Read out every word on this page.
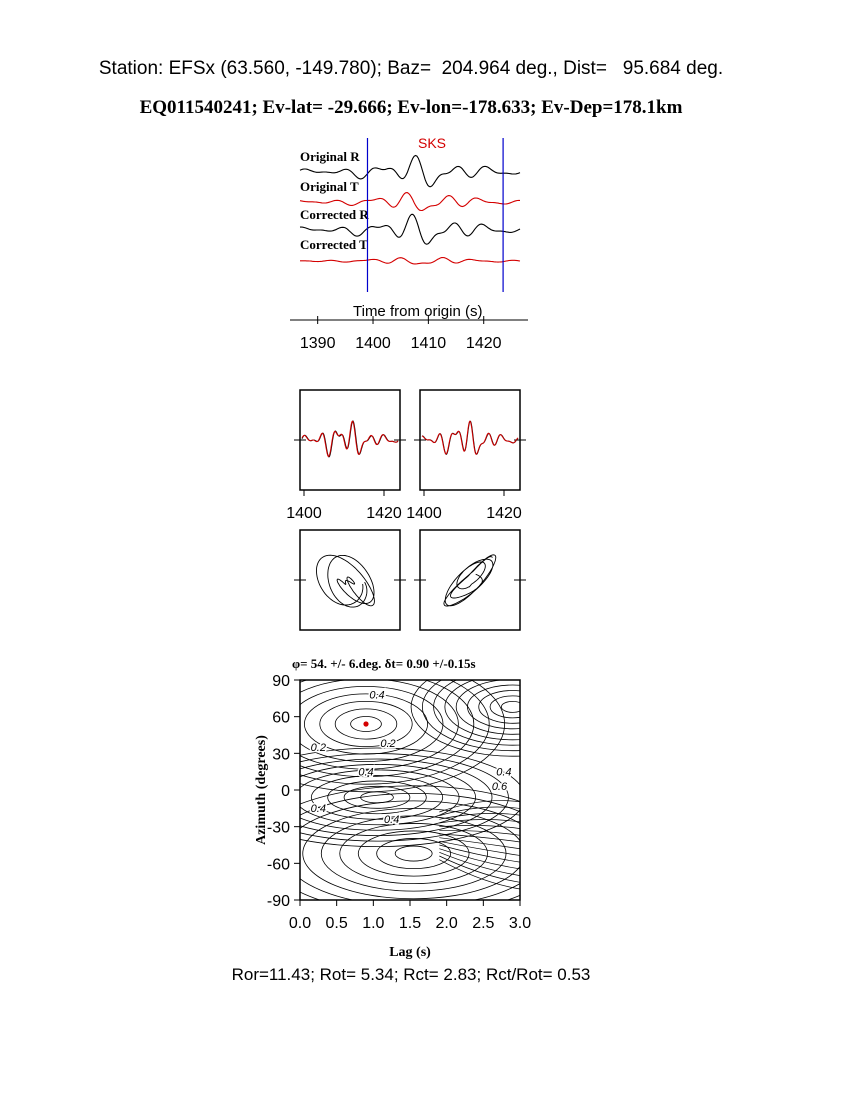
Station: EFSx (63.560, -149.780); Baz=  204.964 deg., Dist=   95.684 deg.
EQ011540241; Ev-lat= -29.666; Ev-lon=-178.633; Ev-Dep=178.1km
SKS
Original R
Original T
Corrected R
Corrected T
Time from origin (s)
1390 1400 1410 1420
1400	1420 1400	1420
φ= 54. +/- 6.deg. δt= 0.90 +/-0.15s
0.4
0.2	0.2
0.4
0.4
0.4
0.4
0.6
0.0 0.5 1.0 1.5 2.0 2.5 3.0
90
60
30
0
-30
-60
-90
Lag (s)
Azimuth (degrees)
Ror=11.43; Rot= 5.34; Rct= 2.83; Rct/Rot= 0.53
